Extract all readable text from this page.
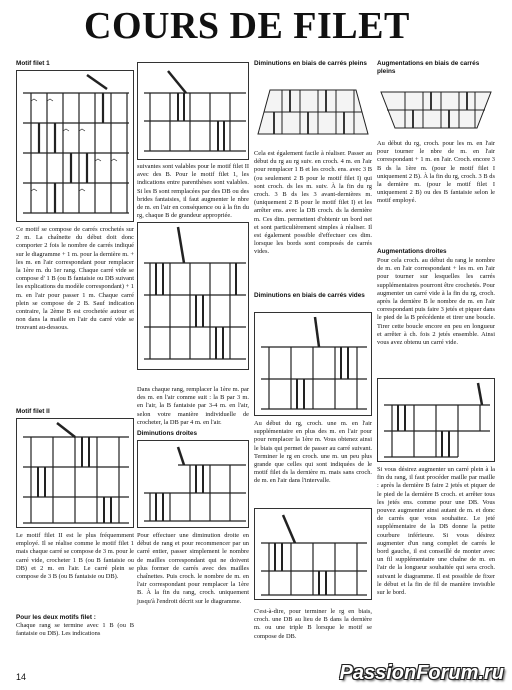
COURS DE FILET
Motif filet 1
Ce motif se compose de carrés crochetés sur 2 m. La chaînette du début doit donc comporter 2 fois le nombre de carrés indiqué sur le diagramme + 1 m. pour la dernière m. + les m. en l'air correspondant pour remplacer la 1ère m. du 1er rang. Chaque carré vide se compose d' 1 B (ou B fantaisie ou DB suivant les explications du modèle correspondant) + 1 m. en l'air pour passer 1 m. Chaque carré plein se compose de 2 B. Sauf indication contraire, la 2ème B est crochetée autour et non dans la maille en l'air du carré vide se trouvant au-dessous.
Motif filet II
Le motif filet II est le plus fréquemment employé. Il se réalise comme le motif filet 1 mais chaque carré se compose de 3 m. pour le carré vide, crocheter 1 B (ou B fantaisie ou DB) et 2 m. en l'air. Le carré plein se compose de 3 B (ou B fantaisie ou DB).
Pour les deux motifs filet :
Chaque rang se termine avec 1 B (ou B fantaisie ou DB). Les indications
suivantes sont valables pour le motif filet II avec des B. Pour le motif filet 1, les indications entre parenthèses sont valables. Si les B sont remplacées par des DB ou des brides fantaisies, il faut augmenter le nbre de m. en l'air en conséquence ou à la fin du rg, chaque B de grandeur appropriée.
Dans chaque rang, remplacer la 1ère m. par des m. en l'air comme suit : la B par 3 m. en l'air, la B fantaisie par 3-4 m. en l'air, selon votre manière individuelle de crocheter, la DB par 4 m. en l'air.
Diminutions droites
Pour effectuer une diminution droite en début de rang et pour recommencer par un carré entier, passer simplement le nombre de mailles correspondant qui ne doivent plus former de carrés avec des mailles chaînettes. Puis croch. le nombre de m. en l'air correspondant pour remplacer la 1ère B. À la fin du rang, croch. uniquement jusqu'à l'endroit décrit sur le diagramme.
Diminutions en biais de carrés pleins
Cela est également facile à réaliser. Passer au début du rg au rg suiv. en croch. 4 m. en l'air pour remplacer 1 B et les croch. ens. avec 3 B (ou seulement 2 B pour le motif filet I) qui sont croch. ds les m. suiv. À la fin du rg croch. 3 B ds les 3 avant-dernières m. (uniquement 2 B pour le motif filet I) et les arrêter ens. avec la DB croch. ds la dernière m. Ces dim. permettent d'obtenir un bord net et sont particulièrement simples à réaliser. Il est également possible d'effectuer ces dim. lorsque les bords sont composés de carrés vides.
Diminutions en biais de carrés vides
Au début du rg, croch. une m. en l'air supplémentaire en plus des m. en l'air pour pour remplacer la 1ère m. Vous obtenez ainsi le biais qui permet de passer au carré suivant. Terminer le rg en croch. une m. un peu plus grande que celles qui sont indiquées de le motif filet ds la dernière m. mais sans croch. de m. en l'air dans l'intervalle.
C'est-à-dire, pour terminer le rg en biais, croch. une DB au lieu de B dans la dernière m. ou une triple B lorsque le motif se compose de DB.
Augmentations en biais de carrés pleins
Au début du rg, croch. pour les m. en l'air pour tourner le nbre de m. en l'air correspondant + 1 m. en l'air. Croch. encore 3 B ds la 1ère m. (pour le motif filet I uniquement 2 B). À la fin du rg, croch. 3 B ds la dernière m. (pour le motif filet I uniquement 2 B) ou des B fantaisie selon le motif employé.
Augmentations droites
Pour cela croch. au début du rang le nombre de m. en l'air correspondant + les m. en l'air pour tourner sur lesquelles les carrés supplémentaires pourront être crochetés. Pour augmenter un carré vide à la fin du rg, croch. après la dernière B le nombre de m. en l'air correspondant puis faire 3 jetés et piquer dans le pied de la B précédente et tirer une boucle. Tirer cette boucle encore en peu en longueur et arrêter à ch. fois 2 jetés ensemble. Ainsi vous avez obtenu un carré vide.
Si vous désirez augmenter un carré plein à la fin du rang, il faut procéder maille par maille : après la dernière B faire 2 jetés et piquer de le pied de la dernière B croch. et arrêter tous les jetés ens. comme pour une DB. Vous pouvez augmenter ainsi autant de m. et donc de carrés que vous souhaitez. Le jeté supplémentaire de la DB donne la petite courbure inférieure. Si vous désirez augmenter d'un rang complet de carrés le bord gauche, il est conseillé de monter avec un fil supplémentaire une chaîne de m. en l'air de la longueur souhaitée qui sera croch. suivant le diagramme. Il est possible de fixer le début et la fin de fil de manière invisible sur le bord.
14	PassionForum.ru
